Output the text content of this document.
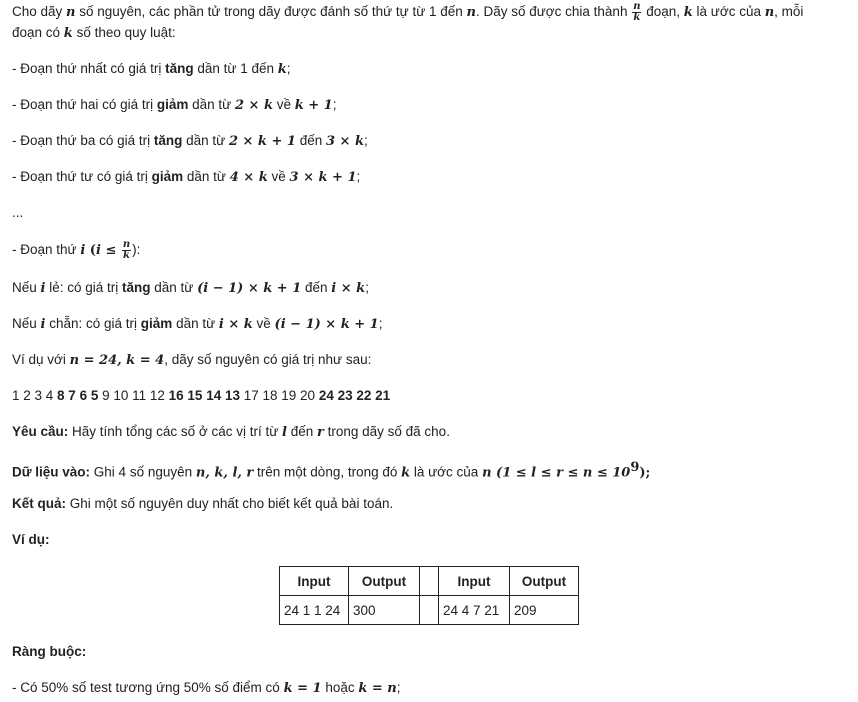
Cho dãy n số nguyên, các phần tử trong dãy được đánh số thứ tự từ 1 đến n. Dãy số được chia thành $\frac{n}{k}$ đoạn, k là ước của n, mỗi
đoạn có k số theo quy luật:
- Đoạn thứ nhất có giá trị tăng dần từ 1 đến k;
- Đoạn thứ hai có giá trị giảm dần từ 2 × k về k + 1;
- Đoạn thứ ba có giá trị tăng dần từ 2 × k + 1 đến 3 × k;
- Đoạn thứ tư có giá trị giảm dần từ 4 × k về 3 × k + 1;
...
- Đoạn thứ i ($i \le \frac{n}{k}$ ):
Nếu i lẻ: có giá trị tăng dần từ (i − 1) × k + 1 đến i × k;
Nếu i chẵn: có giá trị giảm dần từ i × k về (i − 1) × k + 1;
Ví dụ với n = 24, k = 4, dãy số nguyên có giá trị như sau:
1 2 3 4 8 7 6 5 9 10 11 12 16 15 14 13 17 18 19 20 24 23 22 21
Yêu cầu: Hãy tính tổng các số ở các vị trí từ l đến r trong dãy số đã cho.
Dữ liệu vào: Ghi 4 số nguyên n, k, l, r trên một dòng, trong đó k là ước của n $(1 \le l \le r \le n \le 10^9)$;
Kết quả: Ghi một số nguyên duy nhất cho biết kết quả bài toán.
Ví dụ:
Input	Output		Input	Output
24 1 1 24	300		24 4 7 21	209
Ràng buộc:
- Có 50% số test tương ứng 50% số điểm có k = 1 hoặc k = n;
